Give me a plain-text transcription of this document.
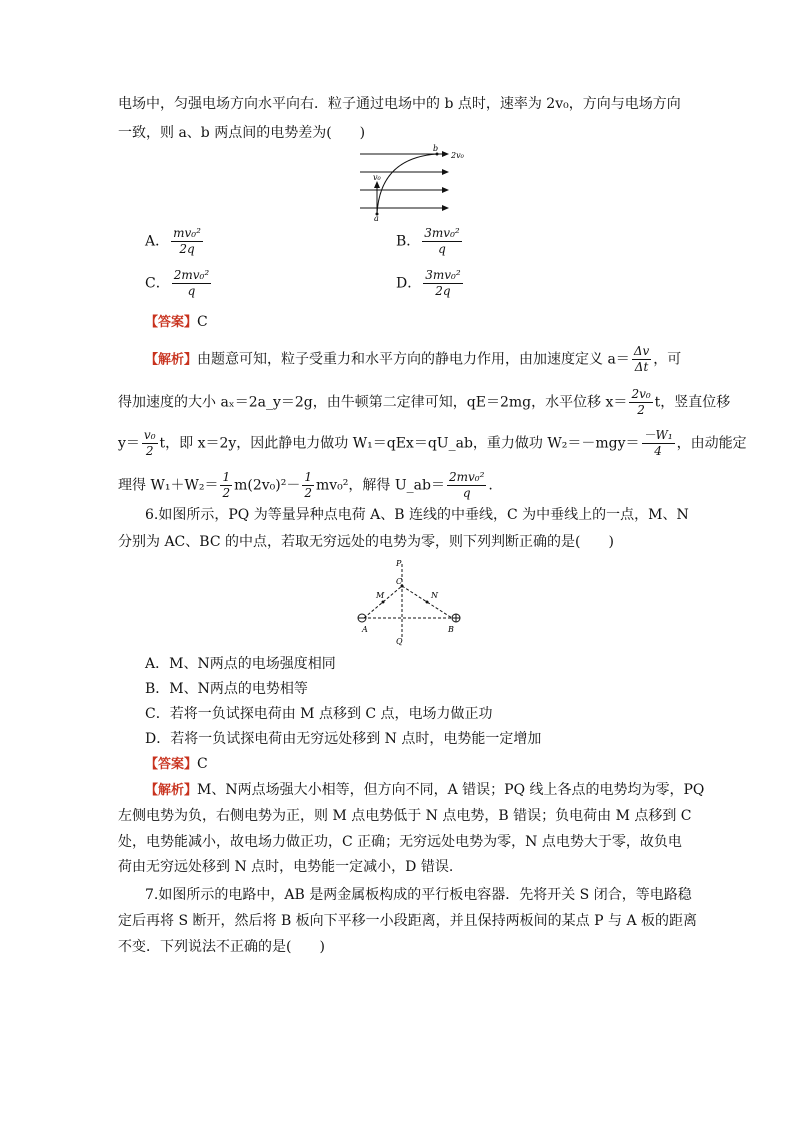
电场中，匀强电场方向水平向右．粒子通过电场中的 b 点时，速率为 2v₀，方向与电场方向
一致，则 a、b 两点间的电势差为(　　)
v₀
a
b
2v₀
A． $\frac{\text{mv₀²}}{2q}$	B． $\frac{\text{3mv₀²}}{q}$
C． $\frac{\text{2mv₀²}}{q}$	D． $\frac{\text{3mv₀²}}{2q}$
【答案】C
【解析】由题意可知，粒子受重力和水平方向的静电力作用，由加速度定义 $a= \frac{\Delta v}{\Delta t}$ ，可
得加速度的大小 aₓ＝2a_y＝2g，由牛顿第二定律可知，qE＝2mg，水平位移 $x= \frac{\text{2v₀}}{2}$ t，竖直位移
$y= \frac{\text{v₀}}{2}$ t，即 x＝2y，因此静电力做功 W₁＝qEx＝qU_ab，重力做功 $W_2=-mgy= \frac{\text{－W₁}}{4}$ ，由动能定
理得 $W_1+W_2= \frac{1}{2} m(2v_0)^2- \frac{1}{2} mv_0^2$，解得 U_ab＝ $\frac{\text{2mv₀²}}{q}$ .
6.如图所示，PQ 为等量异种点电荷 A、B 连线的中垂线，C 为中垂线上的一点，M、N
分别为 AC、BC 的中点，若取无穷远处的电势为零，则下列判断正确的是(　　)
P
C
M	N
A	B
Q
A．M、N两点的电场强度相同
B．M、N两点的电势相等
C．若将一负试探电荷由 M 点移到 C 点，电场力做正功
D．若将一负试探电荷由无穷远处移到 N 点时，电势能一定增加
【答案】C
【解析】M、N两点场强大小相等，但方向不同，A 错误；PQ 线上各点的电势均为零，PQ
左侧电势为负，右侧电势为正，则 M 点电势低于 N 点电势，B 错误；负电荷由 M 点移到 C
处，电势能减小，故电场力做正功，C 正确；无穷远处电势为零，N 点电势大于零，故负电
荷由无穷远处移到 N 点时，电势能一定减小，D 错误.
7.如图所示的电路中，AB 是两金属板构成的平行板电容器．先将开关 S 闭合，等电路稳
定后再将 S 断开，然后将 B 板向下平移一小段距离，并且保持两板间的某点 P 与 A 板的距离
不变．下列说法不正确的是(　　)
